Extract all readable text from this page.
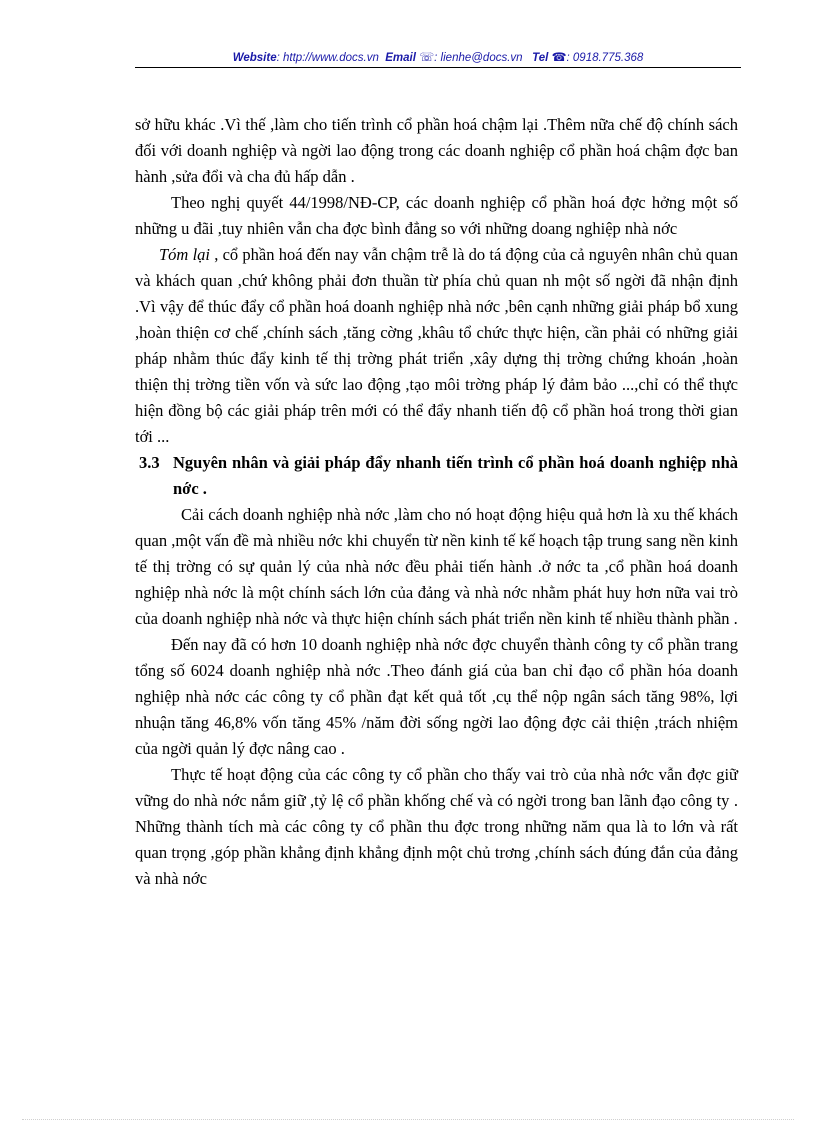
Website: http://www.docs.vn Email ☏: lienhe@docs.vn Tel ☎: 0918.775.368

sở hữu khác .Vì thế ,làm cho tiến trình cổ phần hoá chậm lại .Thêm nữa chế độ chính sách đối với doanh nghiệp và ngời lao động trong các doanh nghiệp cổ phần hoá chậm đợc ban hành ,sửa đổi và cha đủ hấp dẫn .

Theo nghị quyết 44/1998/NĐ-CP, các doanh nghiệp cổ phần hoá đợc hởng một số những u đãi ,tuy nhiên vẫn cha đợc bình đẳng so với những doang nghiệp nhà nớc

Tóm lại , cổ phần hoá đến nay vẫn chậm trễ là do tá động của cả nguyên nhân chủ quan và khách quan ,chứ không phải đơn thuần từ phía chủ quan nh một số ngời đã nhận định .Vì vậy để thúc đẩy cổ phần hoá doanh nghiệp nhà nớc ,bên cạnh những giải pháp bổ xung ,hoàn thiện cơ chế ,chính sách ,tăng cờng ,khâu tổ chức thực hiện, cần phải có những giải pháp nhằm thúc đẩy kinh tế thị trờng phát triển ,xây dựng thị trờng chứng khoán ,hoàn thiện thị trờng tiền vốn và sức lao động ,tạo môi trờng pháp lý đảm bảo ...,chỉ có thể thực hiện đồng bộ các giải pháp trên mới có thể đẩy nhanh tiến độ cổ phần hoá trong thời gian tới ...

3.3 Nguyên nhân và giải pháp đẩy nhanh tiến trình cổ phần hoá doanh nghiệp nhà nớc .

Cải cách doanh nghiệp nhà nớc ,làm cho nó hoạt động hiệu quả hơn là xu thế khách quan ,một vấn đề mà nhiều nớc khi chuyển từ nền kinh tế kế hoạch tập trung sang nền kinh tế thị trờng có sự quản lý của nhà nớc đều phải tiến hành .ở nớc ta ,cổ phần hoá doanh nghiệp nhà nớc là một chính sách lớn của đảng và nhà nớc nhằm phát huy hơn nữa vai trò của doanh nghiệp nhà nớc và thực hiện chính sách phát triển nền kinh tế nhiều thành phần .

Đến nay đã có hơn 10 doanh nghiệp nhà nớc đợc chuyển thành công ty cổ phần trang tổng số 6024 doanh nghiệp nhà nớc .Theo đánh giá của ban chỉ đạo cổ phần hóa doanh nghiệp nhà nớc các công ty cổ phần đạt kết quả tốt ,cụ thể nộp ngân sách tăng 98%, lợi nhuận tăng 46,8% vốn tăng 45% /năm đời sống ngời lao động đợc cải thiện ,trách nhiệm của ngời quản lý đợc nâng cao .

Thực tế hoạt động của các công ty cổ phần cho thấy vai trò của nhà nớc vẫn đợc giữ vững do nhà nớc nắm giữ ,tỷ lệ cổ phần khống chế và có ngời trong ban lãnh đạo công ty . Những thành tích mà các công ty cổ phần thu đợc trong những năm qua là to lớn và rất quan trọng ,góp phần khẳng định khẳng định một chủ trơng ,chính sách đúng đắn của đảng và nhà nớc
